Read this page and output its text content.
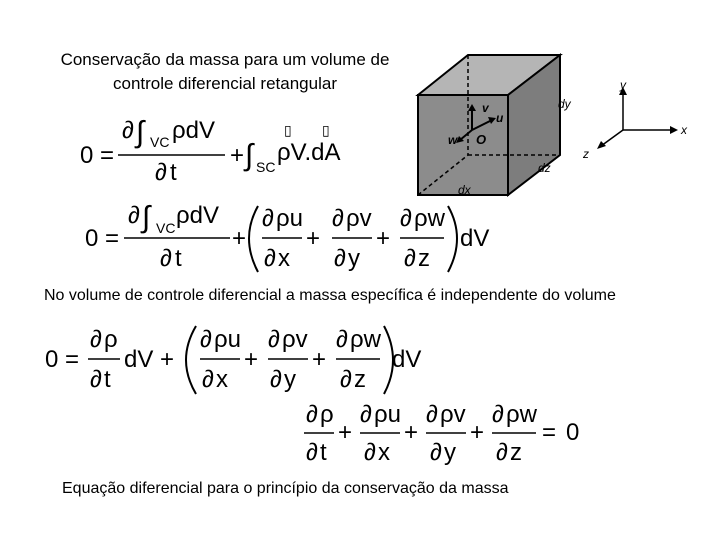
Conservação da massa para um volume de
controle diferencial retangular
v
u
w O
dy
dz
dx
y
x
z
0 =
∂ ∫ VC ρdV
∂ t
+ ∫ SC
ρV.dA
▯ ▯
0 =
∂ ∫ VC ρdV
∂ t
+
∂ ρu
∂ x
+
∂ ρv
∂ y
+
∂ ρw
∂ z
dV
No volume de controle diferencial a massa específica é independente do volume
0 =
∂ ρ
∂ t
dV +
∂ ρu
∂ x
+
∂ ρv
∂ y
+
∂ ρw
∂ z
dV
∂ ρ
∂ t
+
∂ ρu
∂ x
+
∂ ρv
∂ y
+
∂ ρw
∂ z
= 0
Equação diferencial para o princípio da conservação da massa
